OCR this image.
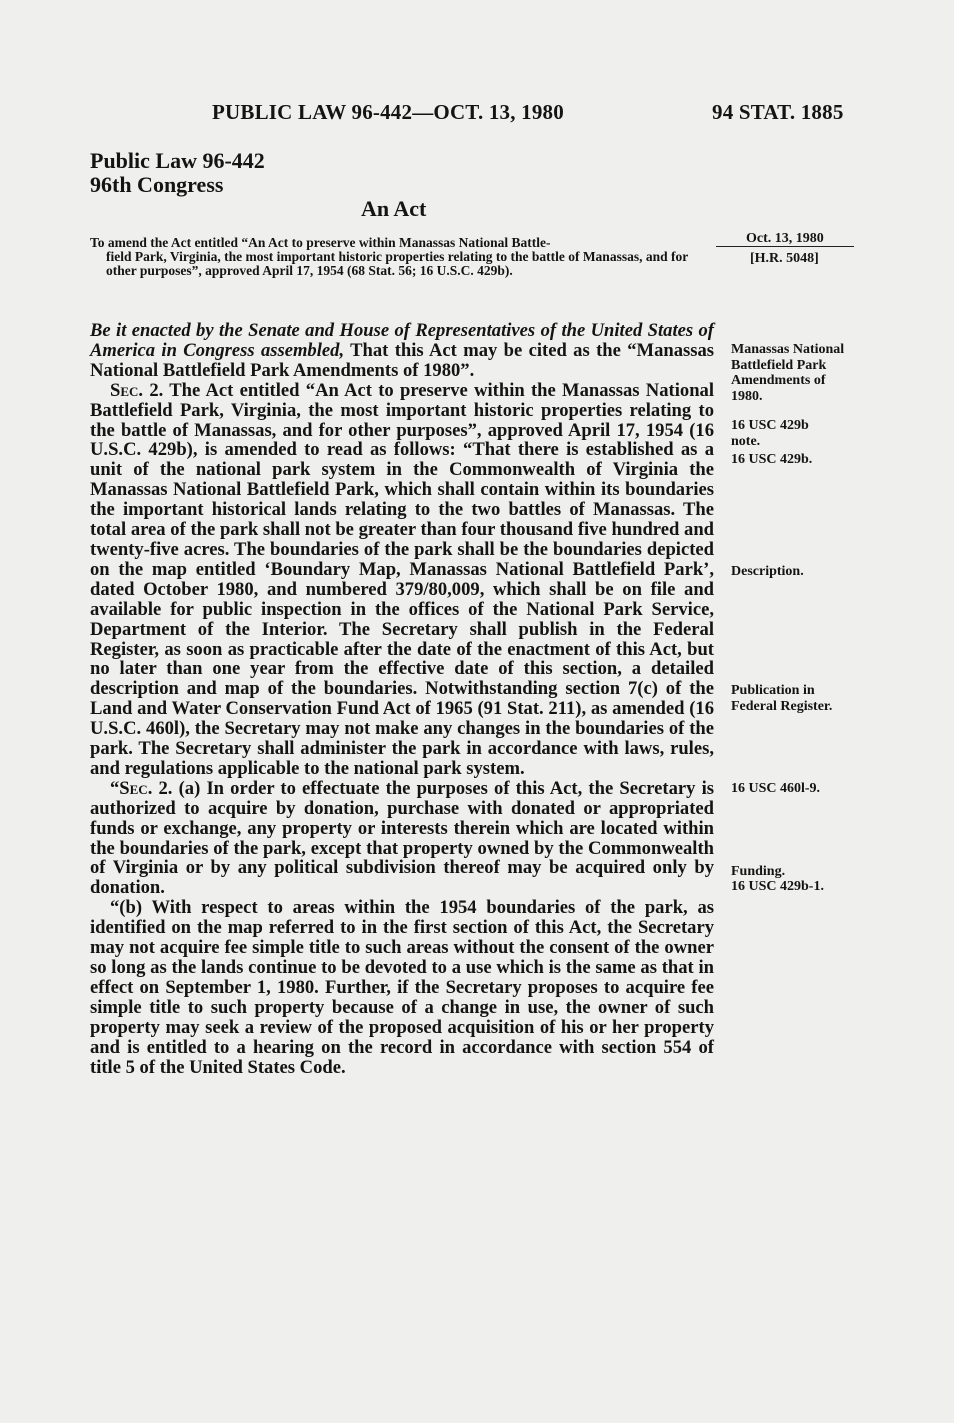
PUBLIC LAW 96-442—OCT. 13, 1980	94 STAT. 1885
Public Law 96-442
96th Congress
An Act
To amend the Act entitled “An Act to preserve within Manassas National Battle-
field Park, Virginia, the most important historic properties relating to the battle of Manassas, and for other purposes”, approved April 17, 1954 (68 Stat. 56; 16 U.S.C. 429b).
Oct. 13, 1980
[H.R. 5048]

Be it enacted by the Senate and House of Representatives of the United States of America in Congress assembled, That this Act may be cited as the “Manassas National Battlefield Park Amendments of 1980”.

Sec. 2. The Act entitled “An Act to preserve within the Manassas National Battlefield Park, Virginia, the most important historic properties relating to the battle of Manassas, and for other purposes”, approved April 17, 1954 (16 U.S.C. 429b), is amended to read as follows: “That there is established as a unit of the national park system in the Commonwealth of Virginia the Manassas National Battlefield Park, which shall contain within its boundaries the important historical lands relating to the two battles of Manassas. The total area of the park shall not be greater than four thousand five hundred and twenty-five acres. The boundaries of the park shall be the boundaries depicted on the map entitled ‘Boundary Map, Manassas National Battlefield Park’, dated October 1980, and numbered 379/80,009, which shall be on file and available for public inspection in the offices of the National Park Service, Department of the Interior. The Secretary shall publish in the Federal Register, as soon as practicable after the date of the enactment of this Act, but no later than one year from the effective date of this section, a detailed description and map of the boundaries. Notwithstanding section 7(c) of the Land and Water Conservation Fund Act of 1965 (91 Stat. 211), as amended (16 U.S.C. 460l), the Secretary may not make any changes in the boundaries of the park. The Secretary shall administer the park in accordance with laws, rules, and regulations applicable to the national park system.

“Sec. 2. (a) In order to effectuate the purposes of this Act, the Secretary is authorized to acquire by donation, purchase with donated or appropriated funds or exchange, any property or interests therein which are located within the boundaries of the park, except that property owned by the Commonwealth of Virginia or by any political subdivision thereof may be acquired only by donation.

“(b) With respect to areas within the 1954 boundaries of the park, as identified on the map referred to in the first section of this Act, the Secretary may not acquire fee simple title to such areas without the consent of the owner so long as the lands continue to be devoted to a use which is the same as that in effect on September 1, 1980. Further, if the Secretary proposes to acquire fee simple title to such property because of a change in use, the owner of such property may seek a review of the proposed acquisition of his or her property and is entitled to a hearing on the record in accordance with section 554 of title 5 of the United States Code.

Manassas National Battlefield Park Amendments of 1980.
16 USC 429b note.
16 USC 429b.
Description.
Publication in Federal Register.
16 USC 460l-9.
Funding.
16 USC 429b-1.
